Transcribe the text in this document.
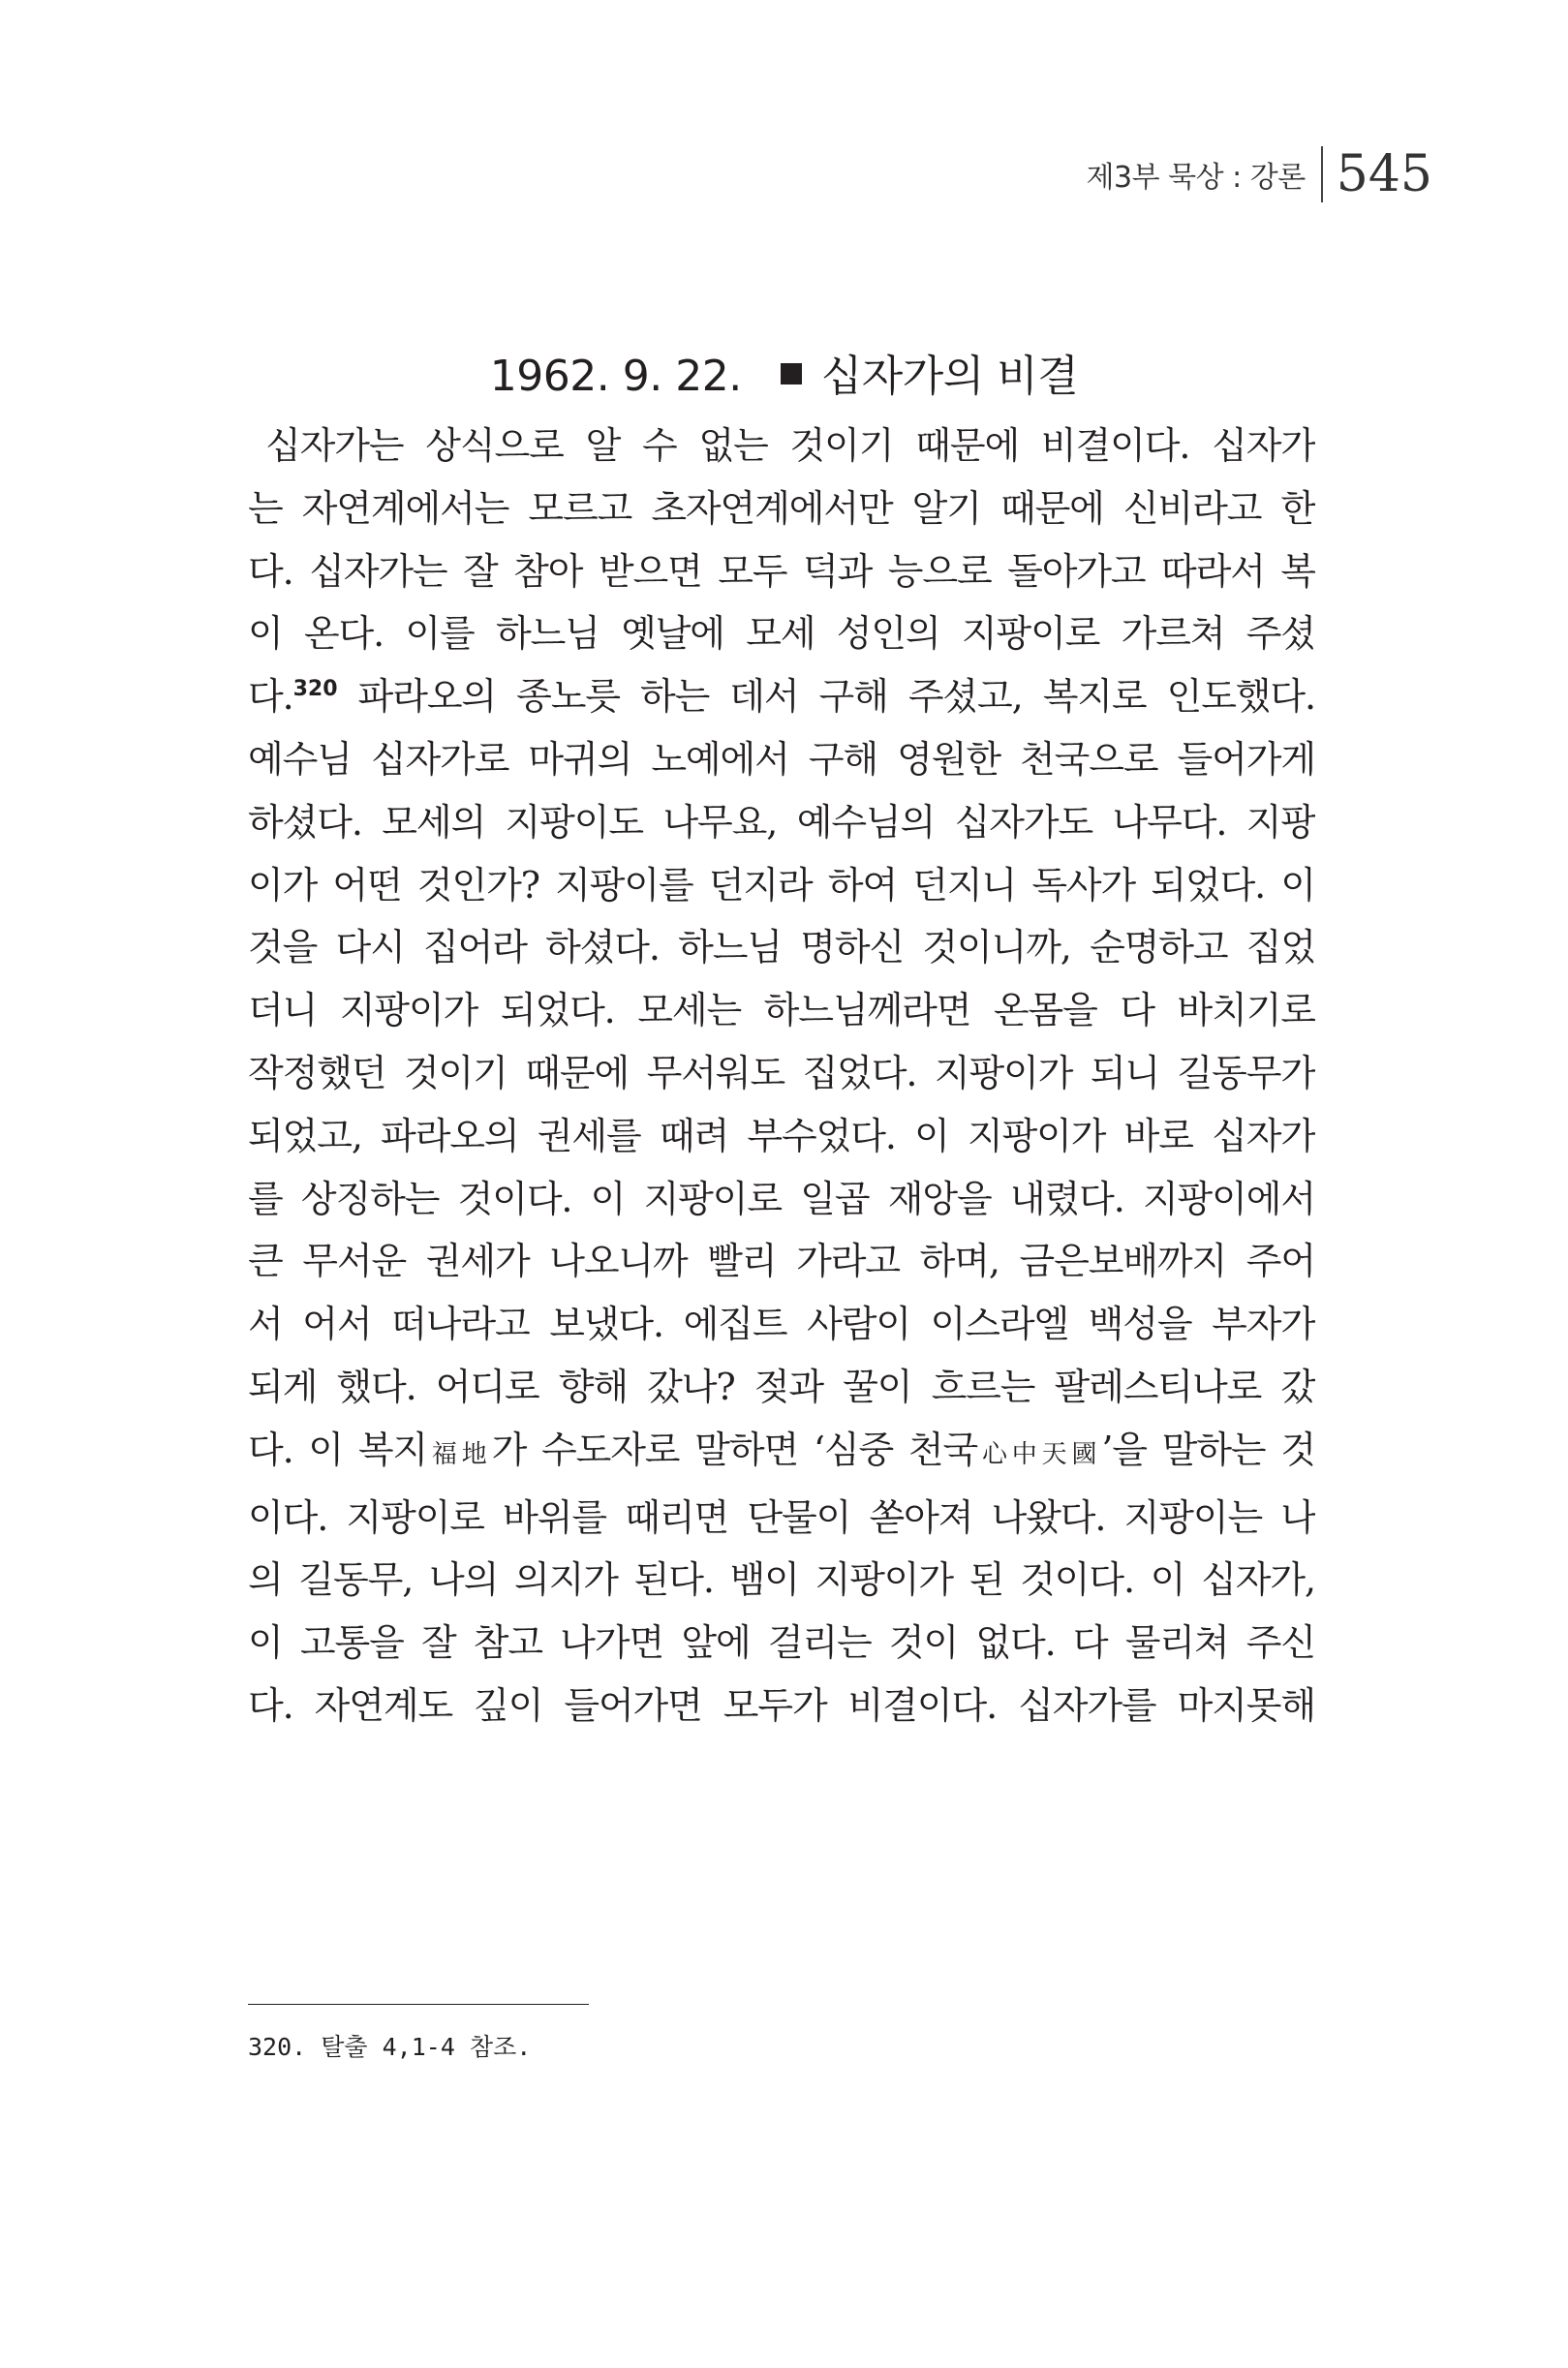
제3부 묵상 : 강론 545
1962. 9. 22. 십자가의 비결
십자가는 상식으로 알 수 없는 것이기 때문에 비결이다. 십자가
는 자연계에서는 모르고 초자연계에서만 알기 때문에 신비라고 한
다. 십자가는 잘 참아 받으면 모두 덕과 능으로 돌아가고 따라서 복
이 온다. 이를 하느님 옛날에 모세 성인의 지팡이로 가르쳐 주셨
다.$^{320}$ 파라오의 종노릇 하는 데서 구해 주셨고, 복지로 인도했다.
예수님 십자가로 마귀의 노예에서 구해 영원한 천국으로 들어가게
하셨다. 모세의 지팡이도 나무요, 예수님의 십자가도 나무다. 지팡
이가 어떤 것인가? 지팡이를 던지라 하여 던지니 독사가 되었다. 이
것을 다시 집어라 하셨다. 하느님 명하신 것이니까, 순명하고 집었
더니 지팡이가 되었다. 모세는 하느님께라면 온몸을 다 바치기로
작정했던 것이기 때문에 무서워도 집었다. 지팡이가 되니 길동무가
되었고, 파라오의 권세를 때려 부수었다. 이 지팡이가 바로 십자가
를 상징하는 것이다. 이 지팡이로 일곱 재앙을 내렸다. 지팡이에서
큰 무서운 권세가 나오니까 빨리 가라고 하며, 금은보배까지 주어
서 어서 떠나라고 보냈다. 에집트 사람이 이스라엘 백성을 부자가
되게 했다. 어디로 향해 갔나? 젖과 꿀이 흐르는 팔레스티나로 갔
다. 이 복지福地가 수도자로 말하면 ‘심중 천국心中天國’을 말하는 것
이다. 지팡이로 바위를 때리면 단물이 쏟아져 나왔다. 지팡이는 나
의 길동무, 나의 의지가 된다. 뱀이 지팡이가 된 것이다. 이 십자가,
이 고통을 잘 참고 나가면 앞에 걸리는 것이 없다. 다 물리쳐 주신
다. 자연계도 깊이 들어가면 모두가 비결이다. 십자가를 마지못해
320. 탈출 4,1-4 참조.
